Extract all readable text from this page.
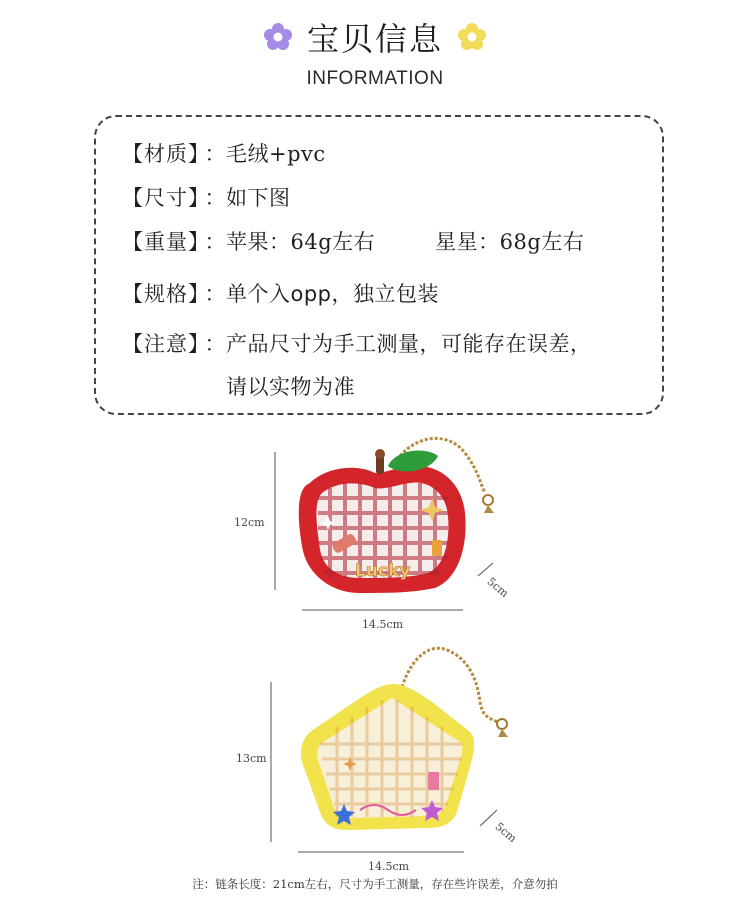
宝贝信息
INFORMATION
【材质】
： 毛绒+pvc
【尺寸】
： 如下图
【重量】
： 苹果：64g左右	星星：68g左右
【规格】
： 单个入opp，独立包装
【注意】
： 产品尺寸为手工测量，可能存在误差，
请以实物为准
Lucky
12cm
14.5cm
5cm
13cm
14.5cm
5cm
注：链条长度：21cm左右，尺寸为手工测量，存在些许误差，介意勿拍
